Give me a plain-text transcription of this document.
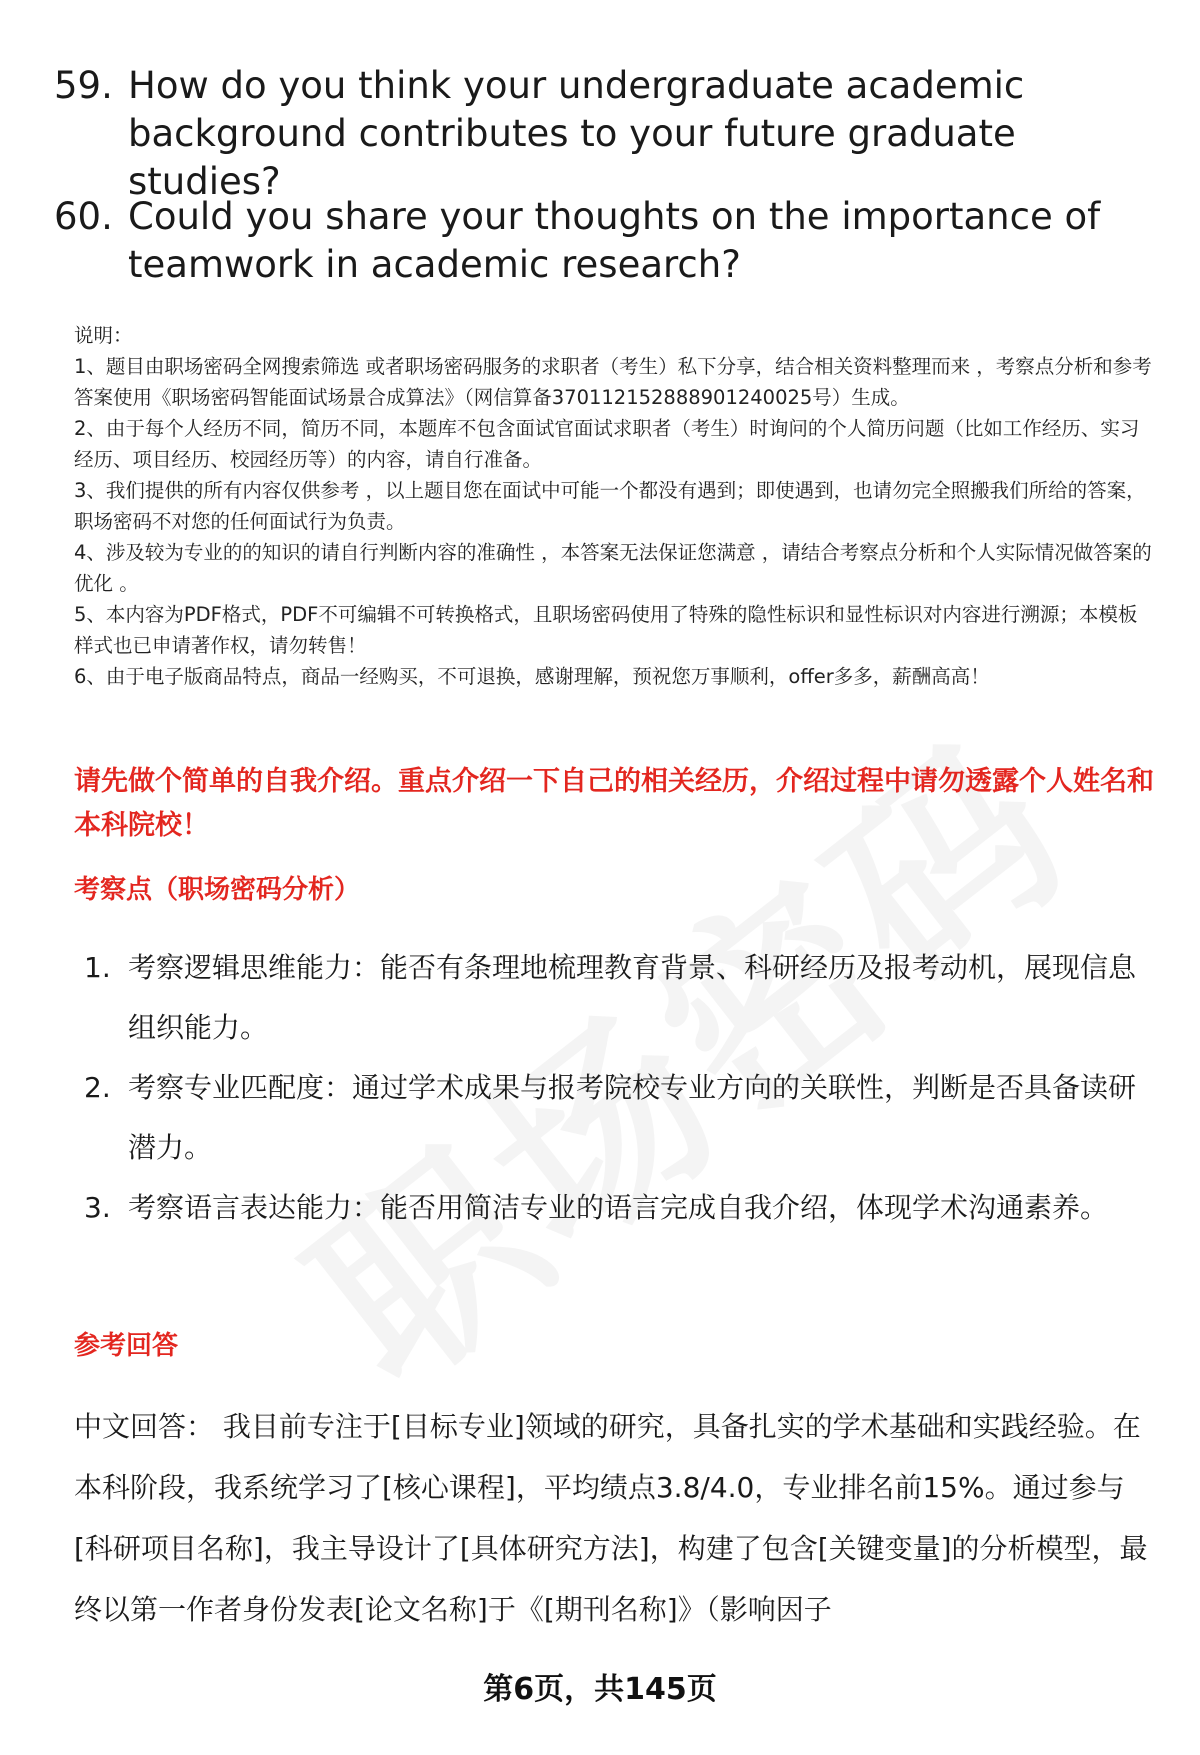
59. How do you think your undergraduate academic background contributes to your future graduate studies?
60. Could you share your thoughts on the importance of teamwork in academic research?

说明：

1、题目由职场密码全网搜索筛选 或者职场密码服务的求职者（考生）私下分享，结合相关资料整理而来 ，考察点分析和参考答案使用《职场密码智能面试场景合成算法》（网信算备370112152888901240025号）生成。

2、由于每个人经历不同，简历不同，本题库不包含面试官面试求职者（考生）时询问的个人简历问题（比如工作经历、实习经历、项目经历、校园经历等）的内容，请自行准备。

3、我们提供的所有内容仅供参考 ，以上题目您在面试中可能一个都没有遇到；即使遇到，也请勿完全照搬我们所给的答案，职场密码不对您的任何面试行为负责。

4、涉及较为专业的的知识的请自行判断内容的准确性 ，本答案无法保证您满意 ，请结合考察点分析和个人实际情况做答案的优化 。

5、本内容为PDF格式，PDF不可编辑不可转换格式，且职场密码使用了特殊的隐性标识和显性标识对内容进行溯源；本模板样式也已申请著作权，请勿转售！

6、由于电子版商品特点，商品一经购买，不可退换，感谢理解，预祝您万事顺利，offer多多，薪酬高高！

请先做个简单的自我介绍。重点介绍一下自己的相关经历，介绍过程中请勿透露个人姓名和本科院校！
考察点（职场密码分析）
1. 考察逻辑思维能力：能否有条理地梳理教育背景、科研经历及报考动机，展现信息组织能力。
2. 考察专业匹配度：通过学术成果与报考院校专业方向的关联性，判断是否具备读研潜力。
3. 考察语言表达能力：能否用简洁专业的语言完成自我介绍，体现学术沟通素养。
参考回答
中文回答： 我目前专注于[目标专业]领域的研究，具备扎实的学术基础和实践经验。在本科阶段，我系统学习了[核心课程]，平均绩点3.8/4.0，专业排名前15%。通过参与[科研项目名称]，我主导设计了[具体研究方法]，构建了包含[关键变量]的分析模型，最终以第一作者身份发表[论文名称]于《[期刊名称]》（影响因子
第6页，共145页
